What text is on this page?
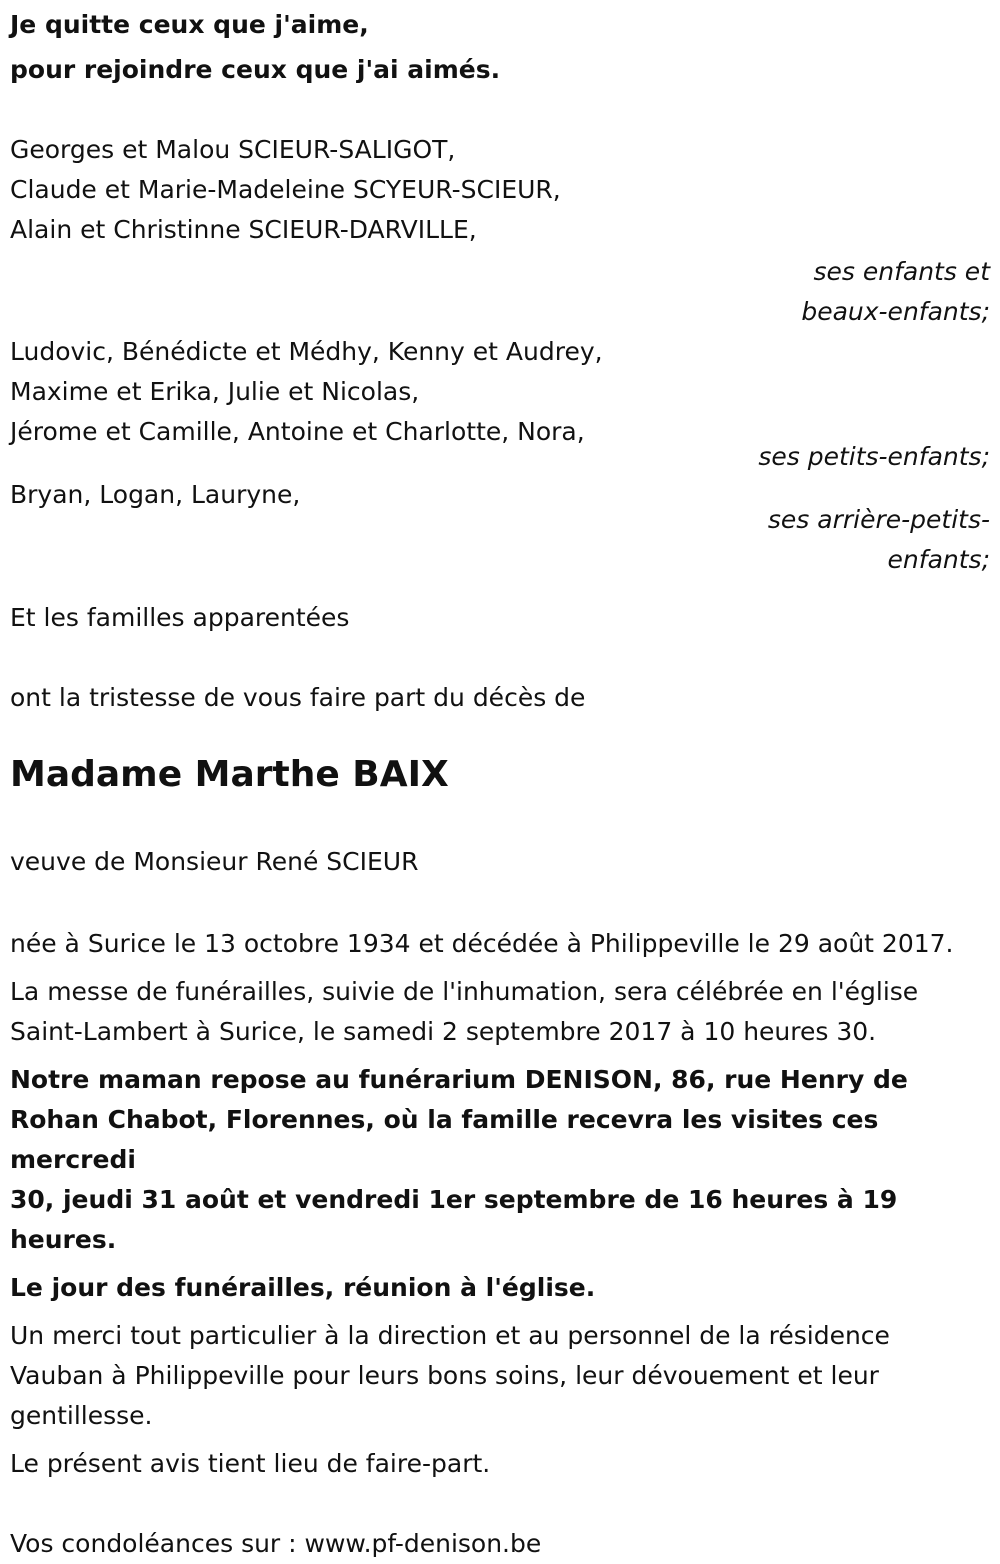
Je quitte ceux que j'aime,

pour rejoindre ceux que j'ai aimés.

Georges et Malou SCIEUR-SALIGOT,

Claude et Marie-Madeleine SCYEUR-SCIEUR,

Alain et Christinne SCIEUR-DARVILLE,

ses enfants et

beaux-enfants;

Ludovic, Bénédicte et Médhy, Kenny et Audrey,

Maxime et Erika, Julie et Nicolas,

Jérome et Camille, Antoine et Charlotte, Nora,

ses petits-enfants;

Bryan, Logan, Lauryne,

ses arrière-petits-

enfants;

Et les familles apparentées

ont la tristesse de vous faire part du décès de

Madame Marthe BAIX

veuve de Monsieur René SCIEUR

née à Surice le 13 octobre 1934 et décédée à Philippeville le 29 août 2017.

La messe de funérailles, suivie de l'inhumation, sera célébrée en l'église

Saint-Lambert à Surice, le samedi 2 septembre 2017 à 10 heures 30.

Notre maman repose au funérarium DENISON, 86, rue Henry de

Rohan Chabot, Florennes, où la famille recevra les visites ces mercredi

30, jeudi 31 août et vendredi 1er septembre de 16 heures à 19 heures.

Le jour des funérailles, réunion à l'église.

Un merci tout particulier à la direction et au personnel de la résidence

Vauban à Philippeville pour leurs bons soins, leur dévouement et leur

gentillesse.

Le présent avis tient lieu de faire-part.

Vos condoléances sur : www.pf-denison.be
